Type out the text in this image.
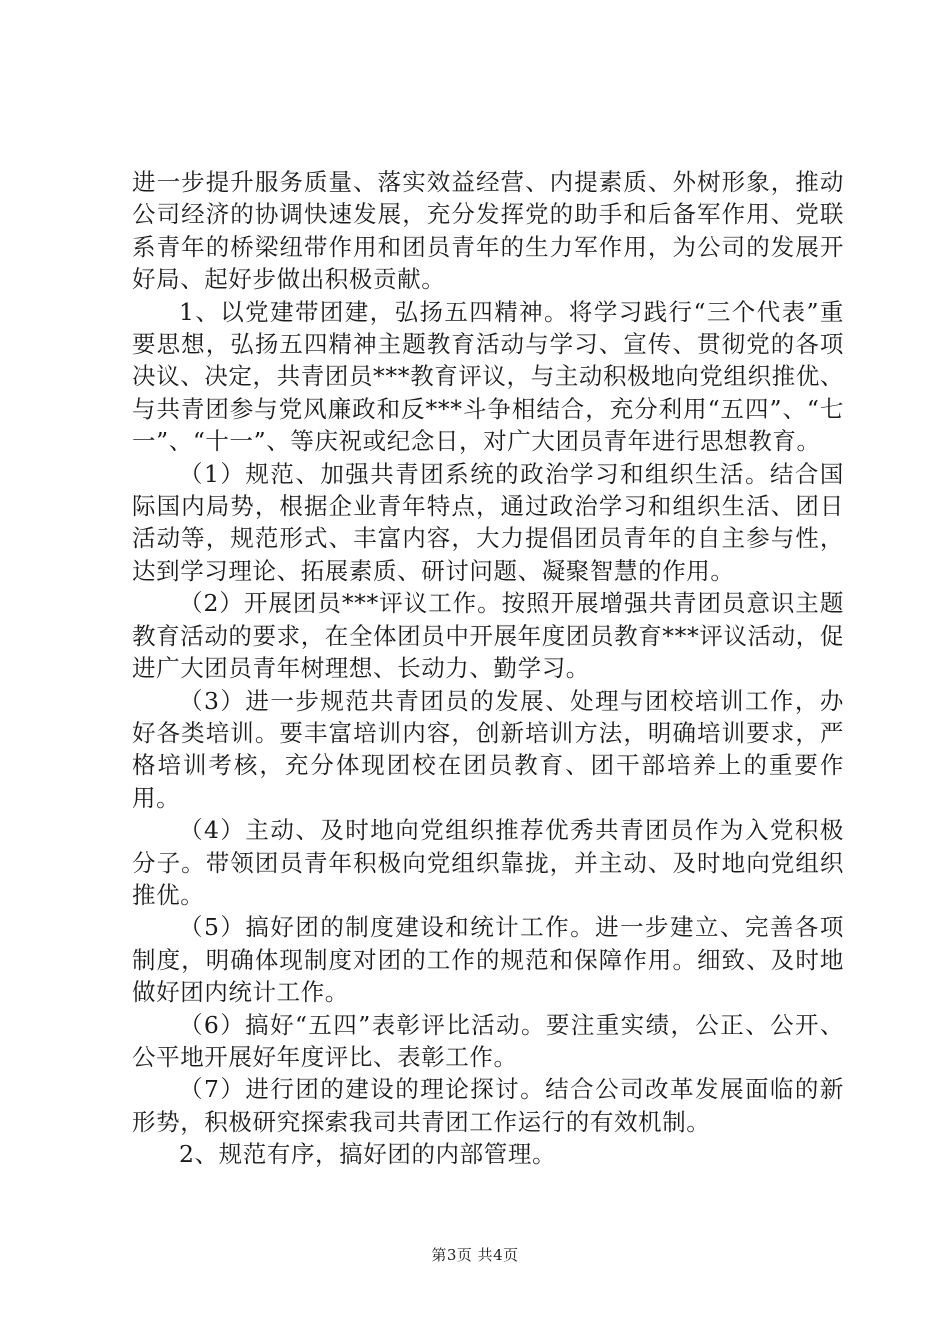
进一步提升服务质量、落实效益经营、内提素质、外树形象，推动公司经济的协调快速发展，充分发挥党的助手和后备军作用、党联系青年的桥梁纽带作用和团员青年的生力军作用，为公司的发展开好局、起好步做出积极贡献。

1、以党建带团建，弘扬五四精神。将学习践行“三个代表”重要思想，弘扬五四精神主题教育活动与学习、宣传、贯彻党的各项决议、决定，共青团员***教育评议，与主动积极地向党组织推优、与共青团参与党风廉政和反***斗争相结合，充分利用“五四”、“七一”、“十一”、等庆祝或纪念日，对广大团员青年进行思想教育。

（1）规范、加强共青团系统的政治学习和组织生活。结合国际国内局势，根据企业青年特点，通过政治学习和组织生活、团日活动等，规范形式、丰富内容，大力提倡团员青年的自主参与性，达到学习理论、拓展素质、研讨问题、凝聚智慧的作用。

（2）开展团员***评议工作。按照开展增强共青团员意识主题教育活动的要求，在全体团员中开展年度团员教育***评议活动，促进广大团员青年树理想、长动力、勤学习。

（3）进一步规范共青团员的发展、处理与团校培训工作，办好各类培训。要丰富培训内容，创新培训方法，明确培训要求，严格培训考核，充分体现团校在团员教育、团干部培养上的重要作用。

（4）主动、及时地向党组织推荐优秀共青团员作为入党积极分子。带领团员青年积极向党组织靠拢，并主动、及时地向党组织推优。

（5）搞好团的制度建设和统计工作。进一步建立、完善各项制度，明确体现制度对团的工作的规范和保障作用。细致、及时地做好团内统计工作。

（6）搞好“五四”表彰评比活动。要注重实绩，公正、公开、公平地开展好年度评比、表彰工作。

（7）进行团的建设的理论探讨。结合公司改革发展面临的新形势，积极研究探索我司共青团工作运行的有效机制。

2、规范有序，搞好团的内部管理。

第3页 共4页
